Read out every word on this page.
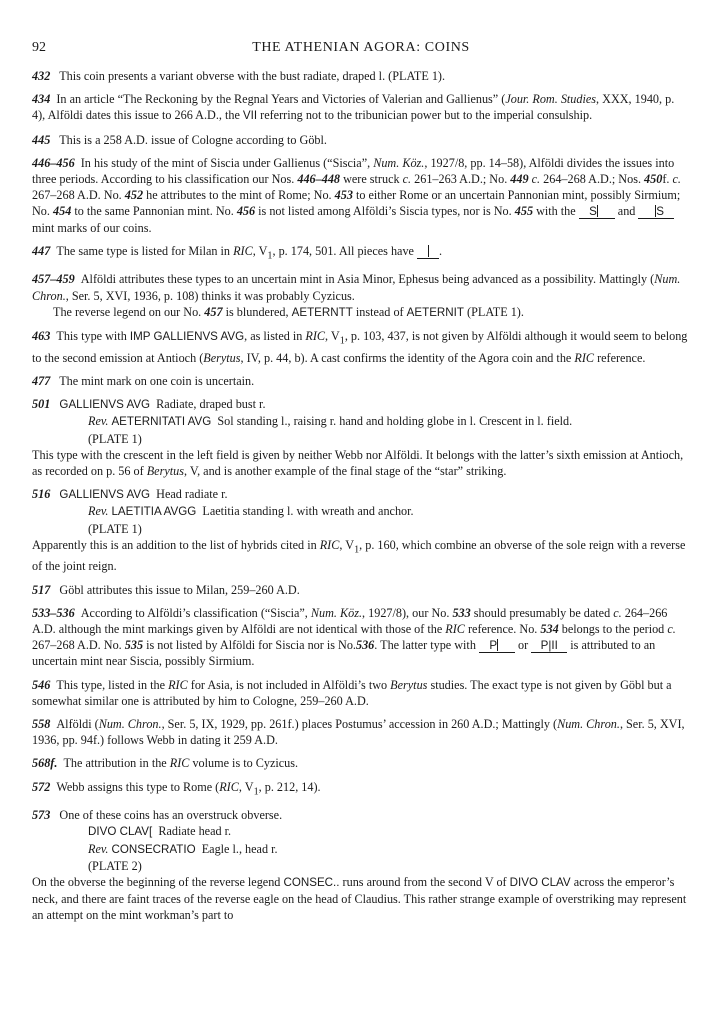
92	THE ATHENIAN AGORA: COINS
432 This coin presents a variant obverse with the bust radiate, draped l. (PLATE 1).
434 In an article “The Reckoning by the Regnal Years and Victories of Valerian and Gallienus” (Jour. Rom. Studies, XXX, 1940, p. 4), Alföldi dates this issue to 266 A.D., the VII referring not to the tribunician power but to the imperial consulship.
445 This is a 258 A.D. issue of Cologne according to Göbl.
446–456 In his study of the mint of Siscia under Gallienus (“Siscia”, Num. Köz., 1927/8, pp. 14–58), Alföldi divides the issues into three periods. According to his classification our Nos. 446–448 were struck c. 261–263 A.D.; No. 449 c. 264–268 A.D.; Nos. 450f. c. 267–268 A.D. No. 452 he attributes to the mint of Rome; No. 453 to either Rome or an uncertain Pannonian mint, possibly Sirmium; No. 454 to the same Pannonian mint. No. 456 is not listed among Alföldi’s Siscia types, nor is No. 455 with the S   and   S mint marks of our coins.
447 The same type is listed for Milan in RIC, $V_1$, p. 174, 501. All pieces have .
457–459 Alföldi attributes these types to an uncertain mint in Asia Minor, Ephesus being advanced as a possibility. Mattingly (Num. Chron., Ser. 5, XVI, 1936, p. 108) thinks it was probably Cyzicus.
The reverse legend on our No. 457 is blundered, AETERNTT instead of AETERNIT (PLATE 1).
463 This type with IMP GALLIENVS AVG, as listed in RIC, $V_1$, p. 103, 437, is not given by Alföldi although it would seem to belong to the second emission at Antioch (Berytus, IV, p. 44, b). A cast confirms the identity of the Agora coin and the RIC reference.
477 The mint mark on one coin is uncertain.
501 GALLIENVS AVG Radiate, draped bust r.
Rev. AETERNITATI AVG Sol standing l., raising r. hand and holding globe in l. Crescent in l. field.
(PLATE 1)
This type with the crescent in the left field is given by neither Webb nor Alföldi. It belongs with the latter’s sixth emission at Antioch, as recorded on p. 56 of Berytus, V, and is another example of the final stage of the “star” striking.
516 GALLIENVS AVG Head radiate r.
Rev. LAETITIA AVGG Laetitia standing l. with wreath and anchor.
(PLATE 1)
Apparently this is an addition to the list of hybrids cited in RIC, $V_1$, p. 160, which combine an obverse of the sole reign with a reverse of the joint reign.
517 Göbl attributes this issue to Milan, 259–260 A.D.
533–536 According to Alföldi’s classification (“Siscia”, Num. Köz., 1927/8), our No. 533 should presumably be dated c. 264–266 A.D. although the mint markings given by Alföldi are not identical with those of the RIC reference. No. 534 belongs to the period c. 267–268 A.D. No. 535 is not listed by Alföldi for Siscia nor is No.536. The latter type with P   or P|II is attributed to an uncertain mint near Siscia, possibly Sirmium.
546 This type, listed in the RIC for Asia, is not included in Alföldi’s two Berytus studies. The exact type is not given by Göbl but a somewhat similar one is attributed by him to Cologne, 259–260 A.D.
558 Alföldi (Num. Chron., Ser. 5, IX, 1929, pp. 261f.) places Postumus’ accession in 260 A.D.; Mattingly (Num. Chron., Ser. 5, XVI, 1936, pp. 94f.) follows Webb in dating it 259 A.D.
568f. The attribution in the RIC volume is to Cyzicus.
572 Webb assigns this type to Rome (RIC, $V_1$, p. 212, 14).
573 One of these coins has an overstruck obverse.
DIVO CLAV[ Radiate head r.
Rev. CONSECRATIO Eagle l., head r.
(PLATE 2)
On the obverse the beginning of the reverse legend CONSEC.. runs around from the second V of DIVO CLAV across the emperor’s neck, and there are faint traces of the reverse eagle on the head of Claudius. This rather strange example of overstriking may represent an attempt on the mint workman’s part to
